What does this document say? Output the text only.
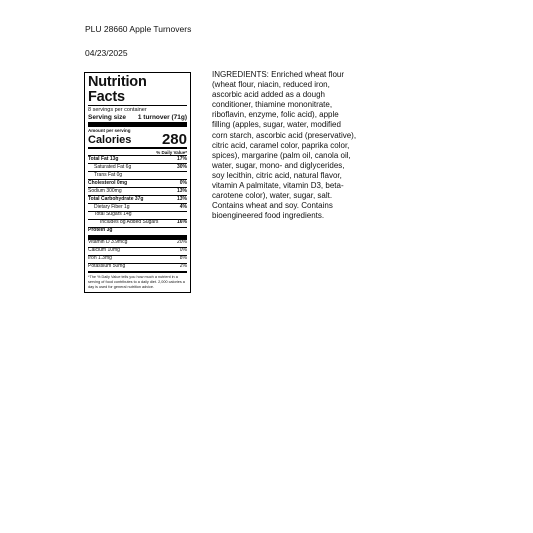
PLU 28660 Apple Turnovers
04/23/2025
Nutrition Facts
8 servings per container
Serving size 1 turnover (71g)
Amount per serving
Calories 280
% Daily Value*
Total Fat 13g	17%
Saturated Fat 6g	30%
Trans Fat 0g
Cholesterol 0mg	0%
Sodium 300mg	13%
Total Carbohydrate 37g	13%
Dietary Fiber 1g	4%
Total Sugars 14g
Includes 8g Added Sugars	16%
Protein 3g
Vitamin D 3.9mcg	20%
Calcium 10mg	0%
Iron 1.3mg	8%
Potassium 50mg	2%
*The % Daily Value tells you how much a nutrient in a serving of food contributes to a daily diet. 2,000 calories a day is used for general nutrition advice.
INGREDIENTS: Enriched wheat flour (wheat flour, niacin, reduced iron, ascorbic acid added as a dough conditioner, thiamine mononitrate, riboflavin, enzyme, folic acid), apple filling (apples, sugar, water, modified corn starch, ascorbic acid (preservative), citric acid, caramel color, paprika color, spices), margarine (palm oil, canola oil, water, sugar, mono- and diglycerides, soy lecithin, citric acid, natural flavor, vitamin A palmitate, vitamin D3, beta-carotene color), water, sugar, salt. Contains wheat and soy. Contains bioengineered food ingredients.
